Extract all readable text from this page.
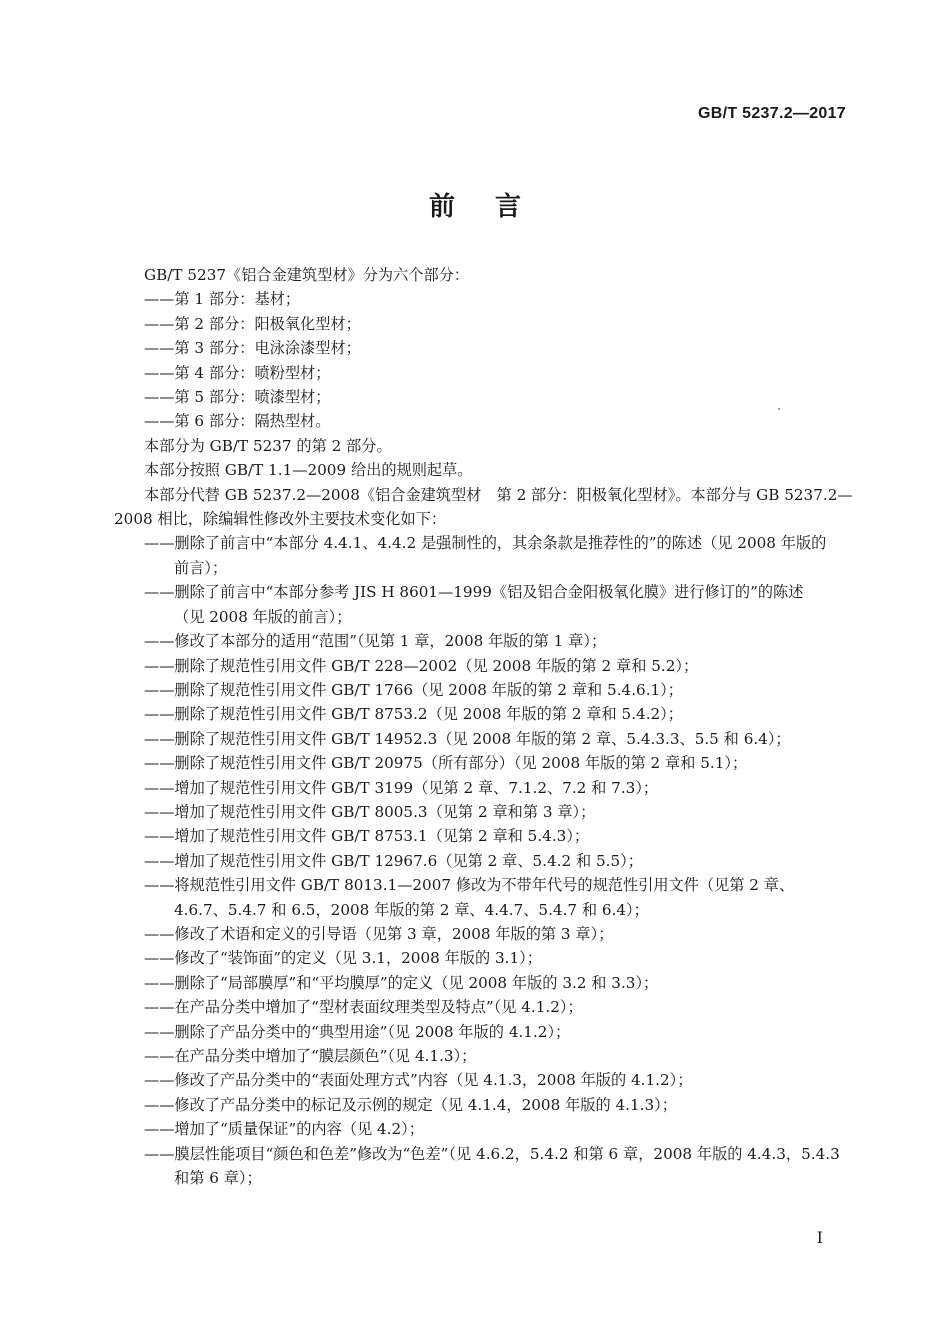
GB/T 5237.2—2017
前言
GB/T 5237《铝合金建筑型材》分为六个部分：
——第 1 部分：基材；
——第 2 部分：阳极氧化型材；
——第 3 部分：电泳涂漆型材；
——第 4 部分：喷粉型材；
——第 5 部分：喷漆型材；
——第 6 部分：隔热型材。
本部分为 GB/T 5237 的第 2 部分。
本部分按照 GB/T 1.1—2009 给出的规则起草。
本部分代替 GB 5237.2—2008《铝合金建筑型材　第 2 部分：阳极氧化型材》。本部分与 GB 5237.2—
2008 相比，除编辑性修改外主要技术变化如下：
——删除了前言中“本部分 4.4.1、4.4.2 是强制性的，其余条款是推荐性的”的陈述（见 2008 年版的
前言）；
——删除了前言中“本部分参考 JIS H 8601—1999《铝及铝合金阳极氧化膜》进行修订的”的陈述
（见 2008 年版的前言）；
——修改了本部分的适用“范围”（见第 1 章，2008 年版的第 1 章）；
——删除了规范性引用文件 GB/T 228—2002（见 2008 年版的第 2 章和 5.2）；
——删除了规范性引用文件 GB/T 1766（见 2008 年版的第 2 章和 5.4.6.1）；
——删除了规范性引用文件 GB/T 8753.2（见 2008 年版的第 2 章和 5.4.2）；
——删除了规范性引用文件 GB/T 14952.3（见 2008 年版的第 2 章、5.4.3.3、5.5 和 6.4）；
——删除了规范性引用文件 GB/T 20975（所有部分）（见 2008 年版的第 2 章和 5.1）；
——增加了规范性引用文件 GB/T 3199（见第 2 章、7.1.2、7.2 和 7.3）；
——增加了规范性引用文件 GB/T 8005.3（见第 2 章和第 3 章）；
——增加了规范性引用文件 GB/T 8753.1（见第 2 章和 5.4.3）；
——增加了规范性引用文件 GB/T 12967.6（见第 2 章、5.4.2 和 5.5）；
——将规范性引用文件 GB/T 8013.1—2007 修改为不带年代号的规范性引用文件（见第 2 章、
4.6.7、5.4.7 和 6.5，2008 年版的第 2 章、4.4.7、5.4.7 和 6.4）；
——修改了术语和定义的引导语（见第 3 章，2008 年版的第 3 章）；
——修改了“装饰面”的定义（见 3.1，2008 年版的 3.1）；
——删除了“局部膜厚”和“平均膜厚”的定义（见 2008 年版的 3.2 和 3.3）；
——在产品分类中增加了“型材表面纹理类型及特点”（见 4.1.2）；
——删除了产品分类中的“典型用途”（见 2008 年版的 4.1.2）；
——在产品分类中增加了“膜层颜色”（见 4.1.3）；
——修改了产品分类中的“表面处理方式”内容（见 4.1.3，2008 年版的 4.1.2）；
——修改了产品分类中的标记及示例的规定（见 4.1.4，2008 年版的 4.1.3）；
——增加了“质量保证”的内容（见 4.2）；
——膜层性能项目“颜色和色差”修改为“色差”（见 4.6.2，5.4.2 和第 6 章，2008 年版的 4.4.3，5.4.3
和第 6 章）；
I
